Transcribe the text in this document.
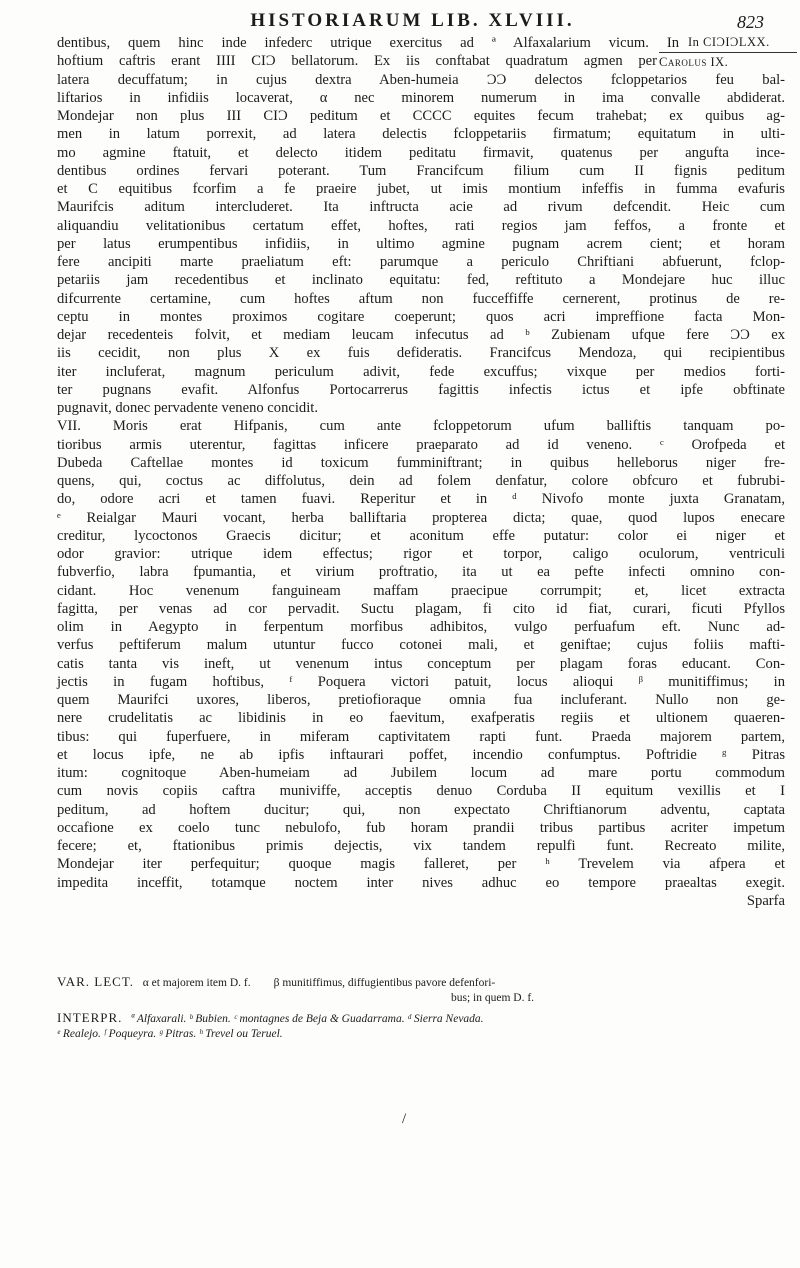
HISTORIARUM LIB. XLVIII.	823
In CIƆIƆLXX.
Carolus IX.
dentibus, quem hinc inde infederc utrique exercitus ad ª Alfaxalarium vicum. In
hoftium caftris erant IIII CIƆ bellatorum. Ex iis conftabat quadratum agmen per
latera decuffatum; in cujus dextra Aben-humeia ƆƆ delectos fcloppetarios feu bal-
liftarios in infidiis locaverat, α nec minorem numerum in ima convalle abdiderat.
Mondejar non plus III CIƆ peditum et CCCC equites fecum trahebat; ex quibus ag-
men in latum porrexit, ad latera delectis fcloppetariis firmatum; equitatum in ulti-
mo agmine ftatuit, et delecto itidem peditatu firmavit, quatenus per angufta ince-
dentibus ordines fervari poterant. Tum Francifcum filium cum II fignis peditum
et C equitibus fcorfim a fe praeire jubet, ut imis montium infeffis in fumma evafuris
Maurifcis aditum intercluderet. Ita inftructa acie ad rivum defcendit. Heic cum
aliquandiu velitationibus certatum effet, hoftes, rati regios jam feffos, a fronte et
per latus erumpentibus infidiis, in ultimo agmine pugnam acrem cient; et horam
fere ancipiti marte praeliatum eft: parumque a periculo Chriftiani abfuerunt, fclop-
petariis jam recedentibus et inclinato equitatu: fed, reftituto a Mondejare huc illuc
difcurrente certamine, cum hoftes aftum non fucceffiffe cernerent, protinus de re-
ceptu in montes proximos cogitare coeperunt; quos acri impreffione facta Mon-
dejar recedenteis folvit, et mediam leucam infecutus ad ᵇ Zubienam ufque fere ƆƆ ex
iis cecidit, non plus X ex fuis defideratis. Francifcus Mendoza, qui recipientibus
iter incluferat, magnum periculum adivit, fede excuffus; vixque per medios forti-
ter pugnans evafit. Alfonfus Portocarrerus fagittis infectis ictus et ipfe obftinate
pugnavit, donec pervadente veneno concidit.
VII. Moris erat Hifpanis, cum ante fcloppetorum ufum balliftis tanquam po-
tioribus armis uterentur, fagittas inficere praeparato ad id veneno. ᶜ Orofpeda et
Dubeda Caftellae montes id toxicum fumminiftrant; in quibus helleborus niger fre-
quens, qui, coctus ac diffolutus, dein ad folem denfatur, colore obfcuro et fubrubi-
do, odore acri et tamen fuavi. Reperitur et in ᵈ Nivofo monte juxta Granatam,
ᵉ Reialgar Mauri vocant, herba balliftaria propterea dicta; quae, quod lupos enecare
creditur, lycoctonos Graecis dicitur; et aconitum effe putatur: color ei niger et
odor gravior: utrique idem effectus; rigor et torpor, caligo oculorum, ventriculi
fubverfio, labra fpumantia, et virium proftratio, ita ut ea pefte infecti omnino con-
cidant. Hoc venenum fanguineam maffam praecipue corrumpit; et, licet extracta
fagitta, per venas ad cor pervadit. Suctu plagam, fi cito id fiat, curari, ficuti Pfyllos
olim in Aegypto in ferpentum morfibus adhibitos, vulgo perfuafum eft. Nunc ad-
verfus peftiferum malum utuntur fucco cotonei mali, et geniftae; cujus foliis mafti-
catis tanta vis ineft, ut venenum intus conceptum per plagam foras educant. Con-
jectis in fugam hoftibus, ᶠ Poquera victori patuit, locus alioqui ᵝ munitiffimus; in
quem Maurifci uxores, liberos, pretiofioraque omnia fua incluferant. Nullo non ge-
nere crudelitatis ac libidinis in eo faevitum, exafperatis regiis et ultionem quaeren-
tibus: qui fuperfuere, in miferam captivitatem rapti funt. Praeda majorem partem,
et locus ipfe, ne ab ipfis inftaurari poffet, incendio confumptus. Poftridie ᵍ Pitras
itum: cognitoque Aben-humeiam ad Jubilem locum ad mare portu commodum
cum novis copiis caftra muniviffe, acceptis denuo Corduba II equitum vexillis et I
peditum, ad hoftem ducitur; qui, non expectato Chriftianorum adventu, captata
occafione ex coelo tunc nebulofo, fub horam prandii tribus partibus acriter impetum
fecere; et, ftationibus primis dejectis, vix tandem repulfi funt. Recreato milite,
Mondejar iter perfequitur; quoque magis falleret, per ʰ Trevelem via afpera et
impedita inceffit, totamque noctem inter nives adhuc eo tempore praealtas exegit.
Sparfa
VAR. LECT. α et majorem item D. f. β munitiffimus, diffugientibus pavore defenfori-
bus; in quem D. f.
INTERPR. ª Alfaxarali. ᵇ Bubien. ᶜ montagnes de Beja & Guadarrama. ᵈ Sierra Nevada.
ᵉ Realejo. ᶠ Poqueyra. ᵍ Pitras. ʰ Trevel ou Teruel.
/
